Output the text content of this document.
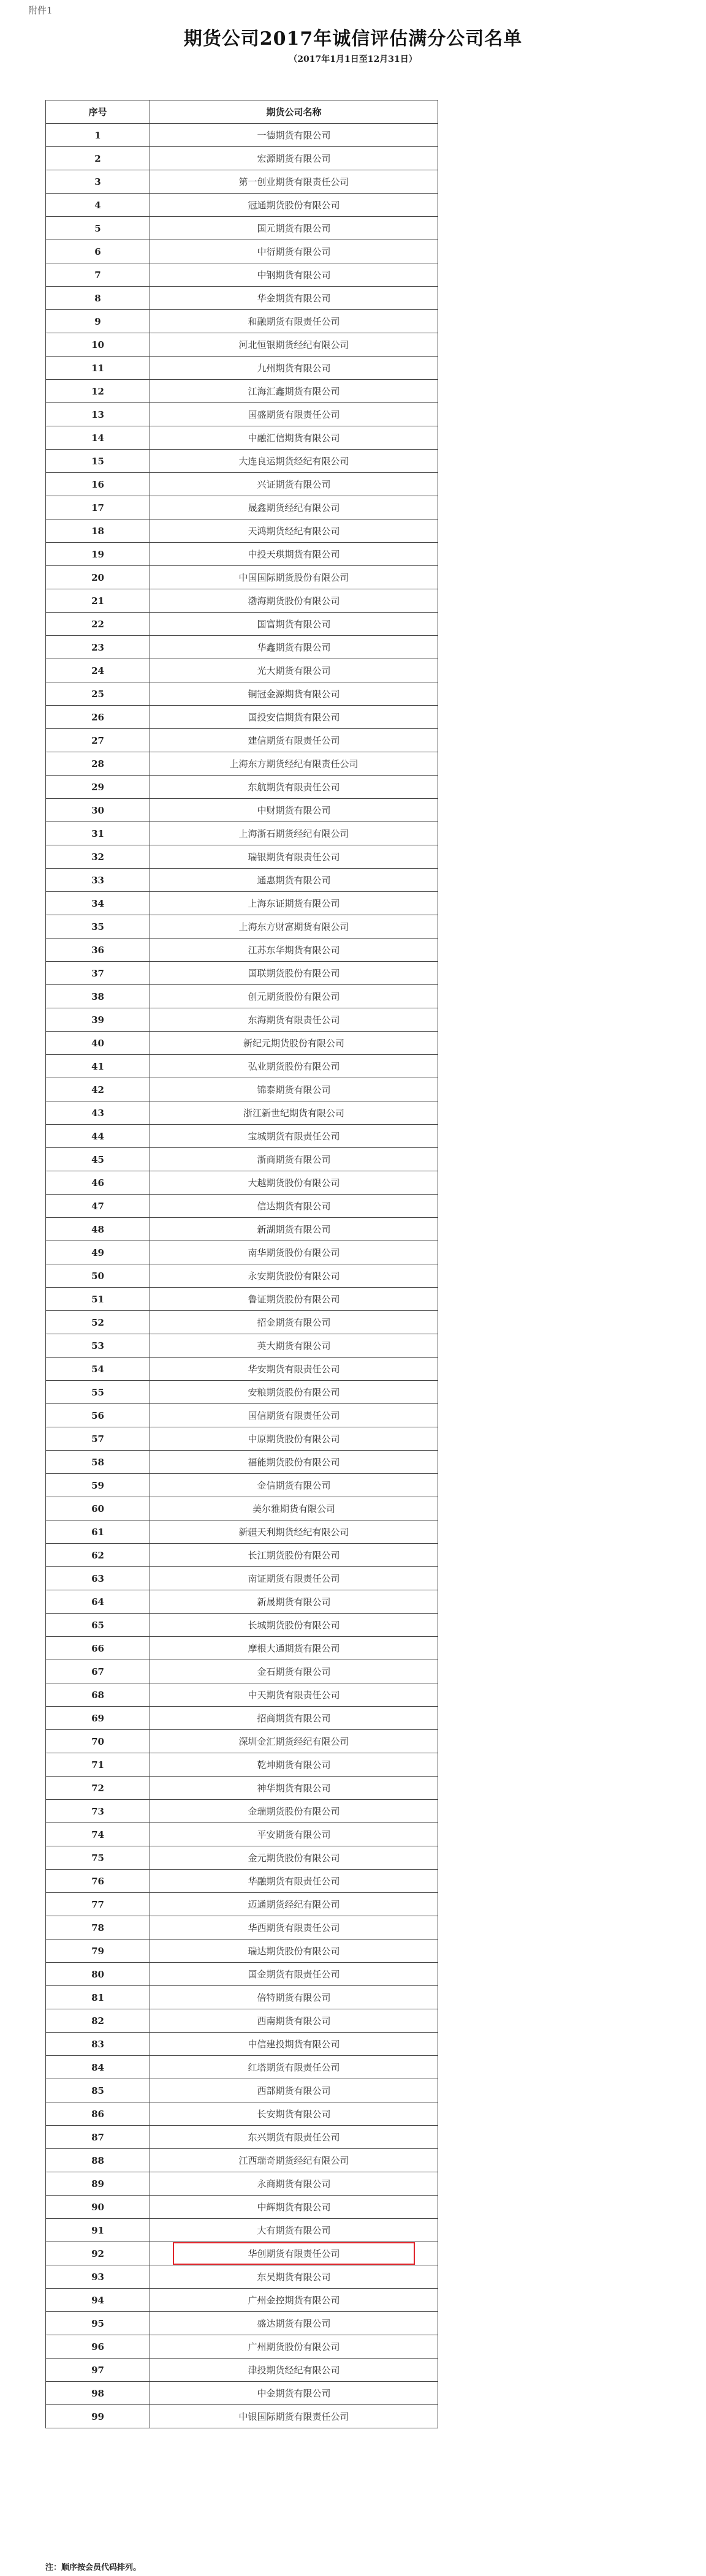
附件1
期货公司2017年诚信评估满分公司名单
（2017年1月1日至12月31日）
序号	期货公司名称
1	一德期货有限公司
2	宏源期货有限公司
3	第一创业期货有限责任公司
4	冠通期货股份有限公司
5	国元期货有限公司
6	中衍期货有限公司
7	中钢期货有限公司
8	华金期货有限公司
9	和融期货有限责任公司
10	河北恒银期货经纪有限公司
11	九州期货有限公司
12	江海汇鑫期货有限公司
13	国盛期货有限责任公司
14	中融汇信期货有限公司
15	大连良运期货经纪有限公司
16	兴证期货有限公司
17	晟鑫期货经纪有限公司
18	天鸿期货经纪有限公司
19	中投天琪期货有限公司
20	中国国际期货股份有限公司
21	渤海期货股份有限公司
22	国富期货有限公司
23	华鑫期货有限公司
24	光大期货有限公司
25	铜冠金源期货有限公司
26	国投安信期货有限公司
27	建信期货有限责任公司
28	上海东方期货经纪有限责任公司
29	东航期货有限责任公司
30	中财期货有限公司
31	上海浙石期货经纪有限公司
32	瑞银期货有限责任公司
33	通惠期货有限公司
34	上海东证期货有限公司
35	上海东方财富期货有限公司
36	江苏东华期货有限公司
37	国联期货股份有限公司
38	创元期货股份有限公司
39	东海期货有限责任公司
40	新纪元期货股份有限公司
41	弘业期货股份有限公司
42	锦泰期货有限公司
43	浙江新世纪期货有限公司
44	宝城期货有限责任公司
45	浙商期货有限公司
46	大越期货股份有限公司
47	信达期货有限公司
48	新湖期货有限公司
49	南华期货股份有限公司
50	永安期货股份有限公司
51	鲁证期货股份有限公司
52	招金期货有限公司
53	英大期货有限公司
54	华安期货有限责任公司
55	安粮期货股份有限公司
56	国信期货有限责任公司
57	中原期货股份有限公司
58	福能期货股份有限公司
59	金信期货有限公司
60	美尔雅期货有限公司
61	新疆天利期货经纪有限公司
62	长江期货股份有限公司
63	南证期货有限责任公司
64	新晟期货有限公司
65	长城期货股份有限公司
66	摩根大通期货有限公司
67	金石期货有限公司
68	中天期货有限责任公司
69	招商期货有限公司
70	深圳金汇期货经纪有限公司
71	乾坤期货有限公司
72	神华期货有限公司
73	金瑞期货股份有限公司
74	平安期货有限公司
75	金元期货股份有限公司
76	华融期货有限责任公司
77	迈通期货经纪有限公司
78	华西期货有限责任公司
79	瑞达期货股份有限公司
80	国金期货有限责任公司
81	倍特期货有限公司
82	西南期货有限公司
83	中信建投期货有限公司
84	红塔期货有限责任公司
85	西部期货有限公司
86	长安期货有限公司
87	东兴期货有限责任公司
88	江西瑞奇期货经纪有限公司
89	永商期货有限公司
90	中辉期货有限公司
91	大有期货有限公司
92	华创期货有限责任公司
93	东吴期货有限公司
94	广州金控期货有限公司
95	盛达期货有限公司
96	广州期货股份有限公司
97	津投期货经纪有限公司
98	中金期货有限公司
99	中银国际期货有限责任公司
注：顺序按会员代码排列。
